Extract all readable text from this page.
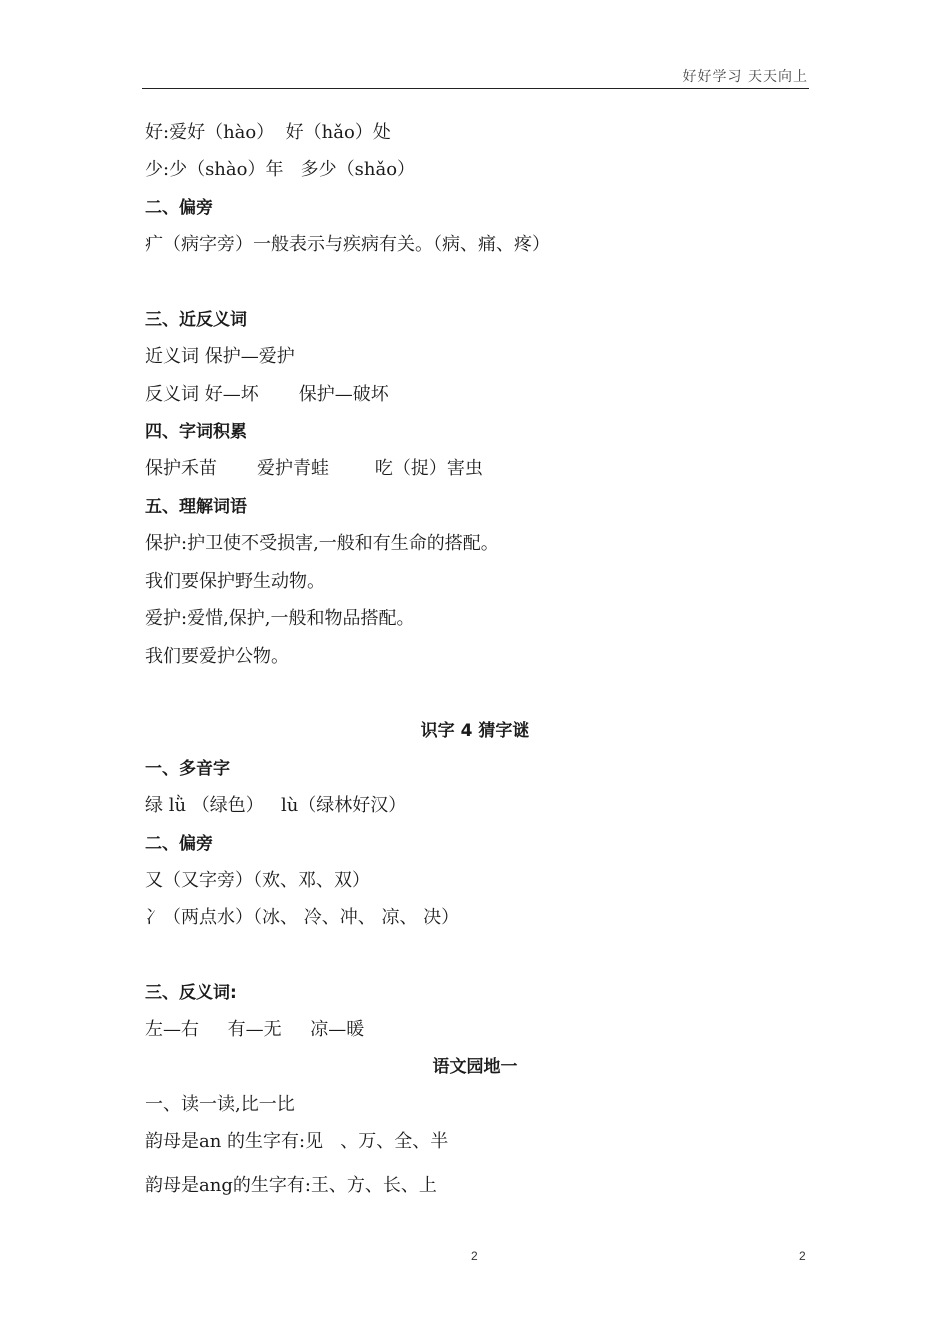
好好学习 天天向上
好:爱好（hào）  好（hǎo）处
少:少（shào）年   多少（shǎo）
二、偏旁
疒（病字旁）一般表示与疾病有关。（病、痛、疼）
三、近反义词
近义词 保护—爱护
反义词 好—坏       保护—破坏
四、字词积累
保护禾苗       爱护青蛙        吃（捉）害虫
五、理解词语
保护:护卫使不受损害,一般和有生命的搭配。
我们要保护野生动物。
爱护:爱惜,保护,一般和物品搭配。
我们要爱护公物。
识字 4 猜字谜
一、多音字
绿 lǜ （绿色）   lù（绿林好汉）
二、偏旁
又（又字旁）（欢、邓、双）
冫（两点水）（冰、 冷、冲、 凉、 决）
三、反义词:
左—右     有—无     凉—暖
语文园地一
一、读一读,比一比
韵母是an 的生字有:见   、万、全、半
韵母是ang的生字有:王、方、长、上
2	2
